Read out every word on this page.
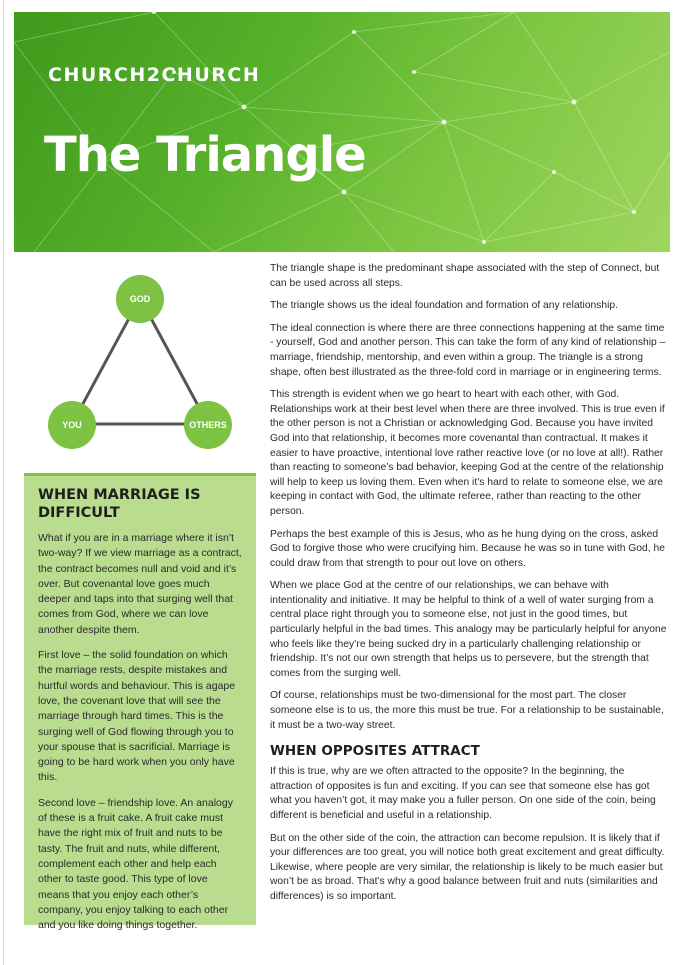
CHURCH2CHURCH
The Triangle
GOD
YOU	OTHERS
WHEN MARRIAGE IS DIFFICULT

What if you are in a marriage where it isn’t two-way? If we view marriage as a contract, the contract becomes null and void and it’s over. But covenantal love goes much deeper and taps into that surging well that comes from God, where we can love another despite them.

First love – the solid foundation on which the marriage rests, despite mistakes and hurtful words and behaviour. This is agape love, the covenant love that will see the marriage through hard times. This is the surging well of God flowing through you to your spouse that is sacrificial. Marriage is going to be hard work when you only have this.

Second love – friendship love. An analogy of these is a fruit cake. A fruit cake must have the right mix of fruit and nuts to be tasty. The fruit and nuts, while different, complement each other and help each other to taste good. This type of love means that you enjoy each other’s company, you enjoy talking to each other and you like doing things together.

The triangle shape is the predominant shape associated with the step of Connect, but can be used across all steps.

The triangle shows us the ideal foundation and formation of any relationship.

The ideal connection is where there are three connections happening at the same time - yourself, God and another person. This can take the form of any kind of relationship – marriage, friendship, mentorship, and even within a group. The triangle is a strong shape, often best illustrated as the three-fold cord in marriage or in engineering terms.

This strength is evident when we go heart to heart with each other, with God. Relationships work at their best level when there are three involved. This is true even if the other person is not a Christian or acknowledging God. Because you have invited God into that relationship, it becomes more covenantal than contractual. It makes it easier to have proactive, intentional love rather reactive love (or no love at all!). Rather than reacting to someone’s bad behavior, keeping God at the centre of the relationship will help to keep us loving them. Even when it’s hard to relate to someone else, we are keeping in contact with God, the ultimate referee, rather than reacting to the other person.

Perhaps the best example of this is Jesus, who as he hung dying on the cross, asked God to forgive those who were crucifying him. Because he was so in tune with God, he could draw from that strength to pour out love on others.

When we place God at the centre of our relationships, we can behave with intentionality and initiative. It may be helpful to think of a well of water surging from a central place right through you to someone else, not just in the good times, but particularly helpful in the bad times. This analogy may be particularly helpful for anyone who feels like they’re being sucked dry in a particularly challenging relationship or friendship. It’s not our own strength that helps us to persevere, but the strength that comes from the surging well.

Of course, relationships must be two-dimensional for the most part. The closer someone else is to us, the more this must be true. For a relationship to be sustainable, it must be a two-way street.

WHEN OPPOSITES ATTRACT

If this is true, why are we often attracted to the opposite? In the beginning, the attraction of opposites is fun and exciting. If you can see that someone else has got what you haven’t got, it may make you a fuller person. On one side of the coin, being different is beneficial and useful in a relationship.

But on the other side of the coin, the attraction can become repulsion. It is likely that if your differences are too great, you will notice both great excitement and great difficulty. Likewise, where people are very similar, the relationship is likely to be much easier but won’t be as broad. That’s why a good balance between fruit and nuts (similarities and differences) is so important.
